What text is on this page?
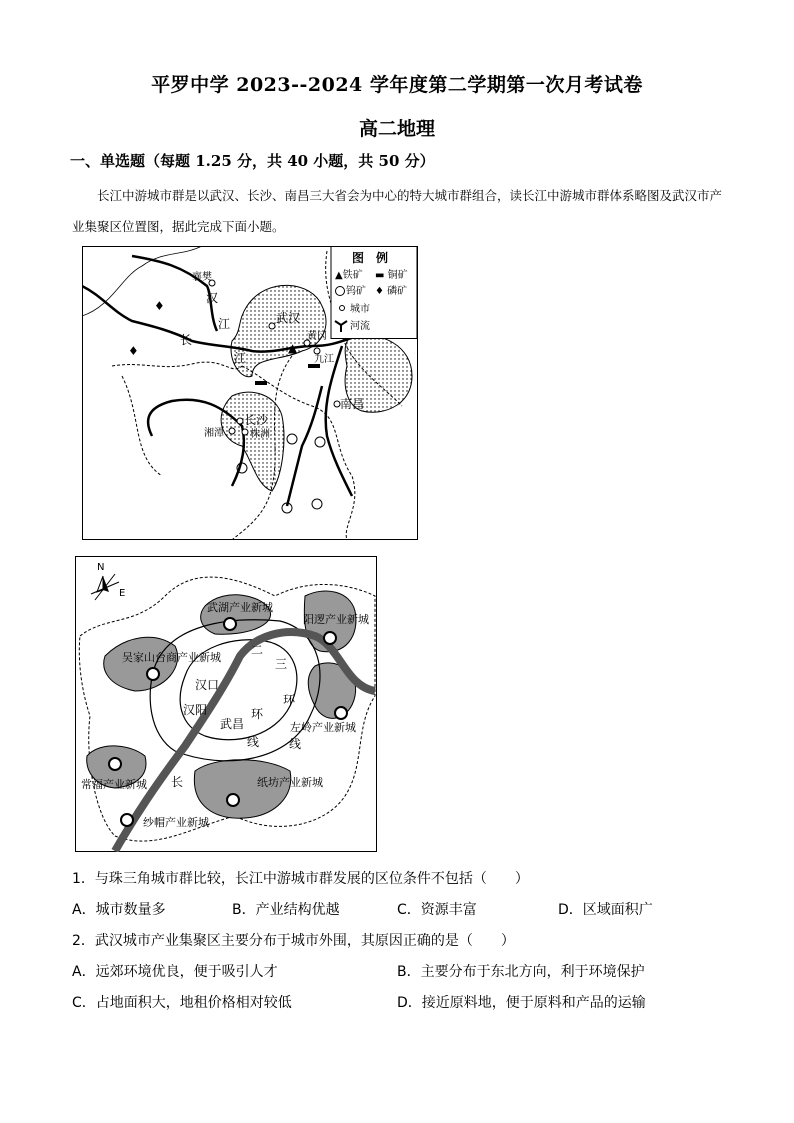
平罗中学 2023--2024 学年度第二学期第一次月考试卷
高二地理
一、单选题（每题 1.25 分，共 40 小题，共 50 分）
长江中游城市群是以武汉、长沙、南昌三大省会为中心的特大城市群组合，读长江中游城市群体系略图及武汉市产业集聚区位置图，据此完成下面小题。
▲
♦
♦
襄樊
汉
江
长
江
武汉
黄冈
九江
南昌
长沙
湘潭	株洲
图　例
▲铁矿 ▬ 铜矿
钨矿 ♦ 磷矿
城市
河流
N
E
汉口
汉阳
武昌
二
环
线
三
环
线
长
武湖产业新城
阳逻产业新城
吴家山台商产业新城
左岭产业新城
常福产业新城	纸坊产业新城
纱帽产业新城
1．与珠三角城市群比较，长江中游城市群发展的区位条件不包括（　　）
A．城市数量多	B．产业结构优越	C．资源丰富	D．区域面积广
2．武汉城市产业集聚区主要分布于城市外围，其原因正确的是（　　）
A．远郊环境优良，便于吸引人才	B．主要分布于东北方向，利于环境保护
C．占地面积大，地租价格相对较低	D．接近原料地，便于原料和产品的运输
